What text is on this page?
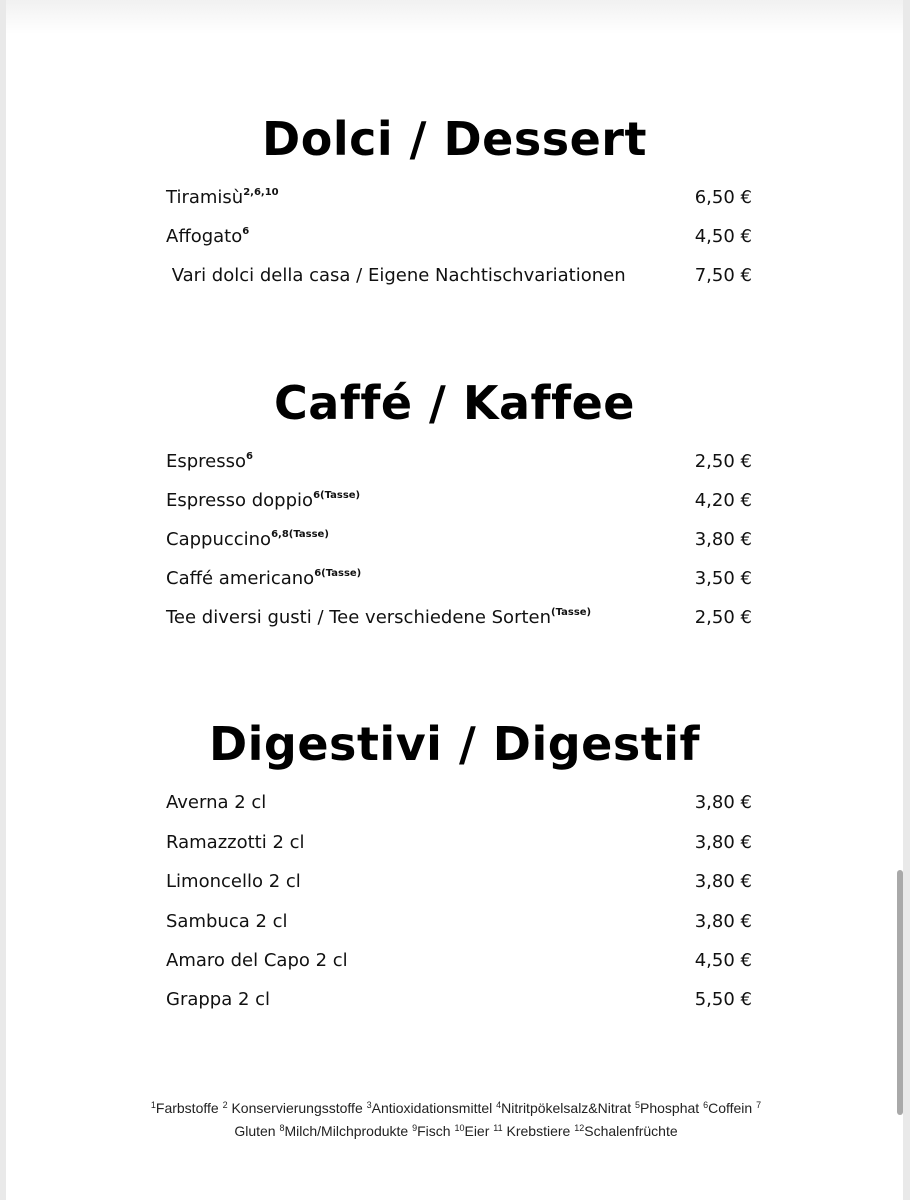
Dolci / Dessert
Tiramisù$^{2,6,10}$	6,50 €
Affogato$^6$	4,50 €
Vari dolci della casa / Eigene Nachtischvariationen	7,50 €
Caffé / Kaffee
Espresso$^6$	2,50 €
Espresso doppio$^{6(Tasse)}$	4,20 €
Cappuccino$^{6,8(Tasse)}$	3,80 €
Caffé americano$^{6(Tasse)}$	3,50 €
Tee diversi gusti / Tee verschiedene Sorten$^{(Tasse)}$	2,50 €
Digestivi / Digestif
Averna 2 cl	3,80 €
Ramazzotti 2 cl	3,80 €
Limoncello 2 cl	3,80 €
Sambuca 2 cl	3,80 €
Amaro del Capo 2 cl	4,50 €
Grappa 2 cl	5,50 €
$^1$Farbstoffe $^2$ Konservierungsstoffe $^3$Antioxidationsmittel $^4$Nitritpökelsalz&Nitrat $^5$Phosphat $^6$Coffein $^7$
Gluten $^8$Milch/Milchprodukte $^9$Fisch $^{10}$Eier $^{11}$ Krebstiere $^{12}$Schalenfrüchte
